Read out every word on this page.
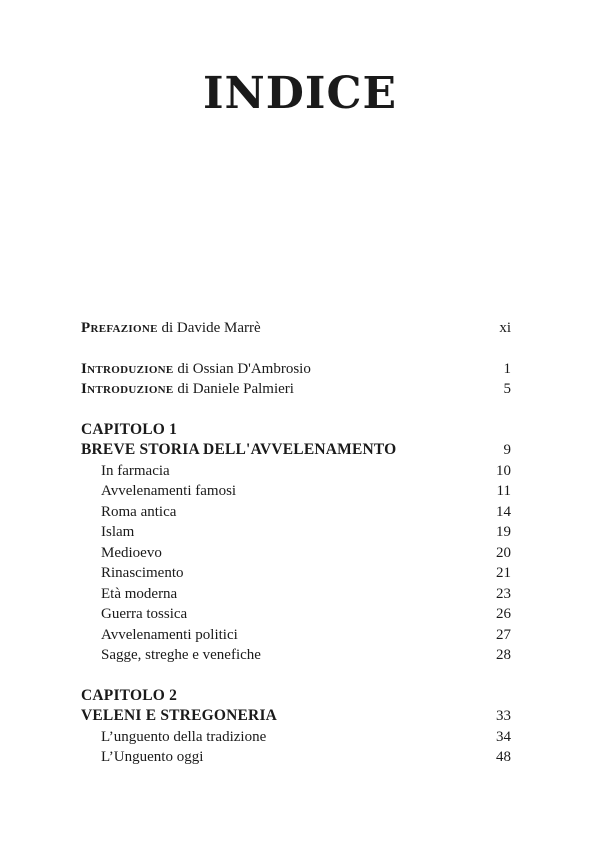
INDICE
Prefazione di Davide Marrè	xi
Introduzione di Ossian D'Ambrosio	1
Introduzione di Daniele Palmieri	5
CAPITOLO 1
BREVE STORIA DELL'AVVELENAMENTO	9
In farmacia	10
Avvelenamenti famosi	11
Roma antica	14
Islam	19
Medioevo	20
Rinascimento	21
Età moderna	23
Guerra tossica	26
Avvelenamenti politici	27
Sagge, streghe e venefiche	28
CAPITOLO 2
VELENI E STREGONERIA	33
L’unguento della tradizione	34
L’Unguento oggi	48
